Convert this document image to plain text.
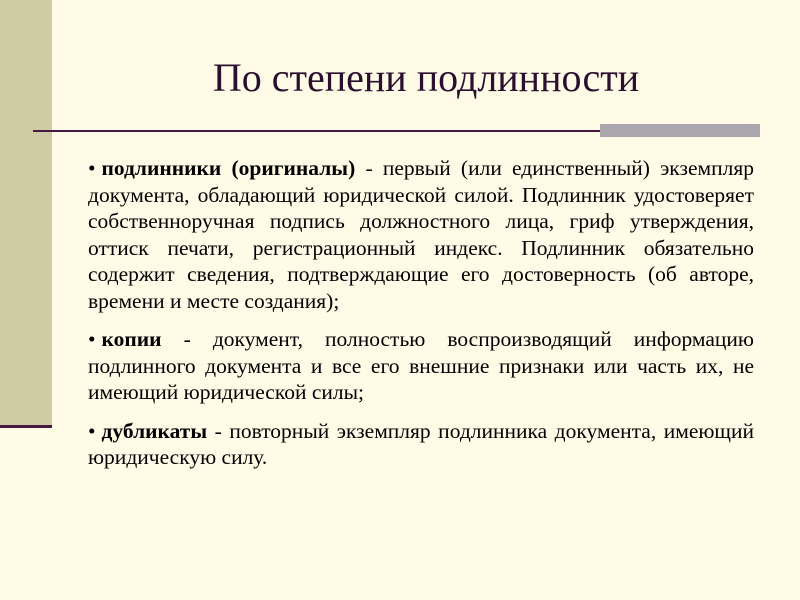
По степени подлинности

• подлинники (оригиналы) - первый (или единственный) экземпляр документа, обладающий юридической силой. Подлинник удостоверяет собственноручная подпись должностного лица, гриф утверждения, оттиск печати, регистрационный индекс. Подлинник обязательно содержит сведения, подтверждающие его достоверность (об авторе, времени и месте создания);

• копии - документ, полностью воспроизводящий информацию подлинного документа и все его внешние признаки или часть их, не имеющий юридической силы;

• дубликаты - повторный экземпляр подлинника документа, имеющий юридическую силу.
